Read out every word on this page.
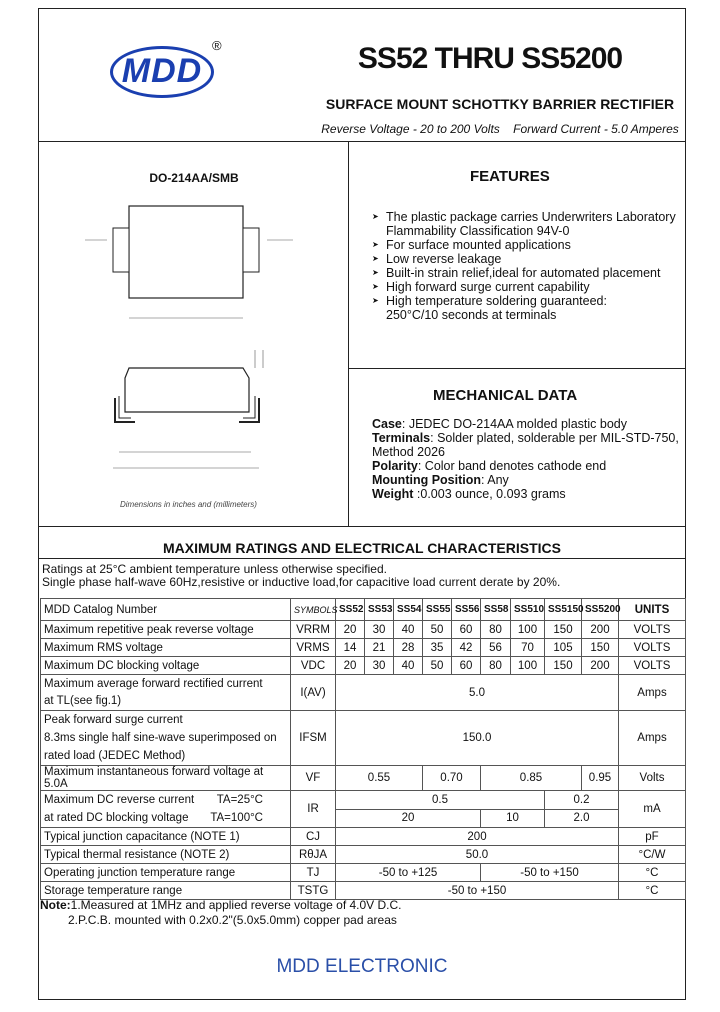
MDD
®	SS52 THRU SS5200
SURFACE MOUNT SCHOTTKY BARRIER RECTIFIER
Reverse Voltage - 20 to 200 Volts Forward Current - 5.0 Amperes
DO-214AA/SMB
Dimensions in inches and (millimeters)
FEATURES
➤ The plastic package carries Underwriters Laboratory
Flammability Classification 94V-0
➤ For surface mounted applications
➤ Low reverse leakage
➤ Built-in strain relief,ideal for automated placement
➤ High forward surge current capability
➤ High temperature soldering guaranteed:
250°C/10 seconds at terminals
MECHANICAL DATA
Case: JEDEC DO-214AA molded plastic body
Terminals: Solder plated, solderable per MIL-STD-750,
Method 2026
Polarity: Color band denotes cathode end
Mounting Position: Any
Weight :0.003 ounce, 0.093 grams
MAXIMUM RATINGS AND ELECTRICAL CHARACTERISTICS
Ratings at 25°C ambient temperature unless otherwise specified.
Single phase half-wave 60Hz,resistive or inductive load,for capacitive load current derate by 20%.
MDD Catalog Number	SYMBOLS	SS52	SS53	SS54	SS55	SS56	SS58	SS510	SS5150	SS5200	UNITS
Maximum repetitive peak reverse voltage	VRRM	20	30	40	50	60	80	100	150	200	VOLTS
Maximum RMS voltage	VRMS	14	21	28	35	42	56	70	105	150	VOLTS
Maximum DC blocking voltage	VDC	20	30	40	50	60	80	100	150	200	VOLTS

Maximum average forward rectified current
at TL(see fig.1)	I(AV)	5.0									Amps

Peak forward surge current
8.3ms single half sine-wave superimposed on
rated load (JEDEC Method)	IFSM	150.0									Amps
Maximum instantaneous forward voltage at 5.0A	VF	0.55			0.70		0.85			0.95	Volts

Maximum DC reverse current TA=25°C
at rated DC blocking voltage TA=100°C	IR	0.5							0.2		mA
		20					10		2.0		
Typical junction capacitance (NOTE 1)	CJ	200									pF
Typical thermal resistance (NOTE 2)	RθJA	50.0									°C/W
Operating junction temperature range	TJ	-50 to +125					-50 to +150				°C
Storage temperature range	TSTG	-50 to +150									°C
Note:1.Measured at 1MHz and applied reverse voltage of 4.0V D.C.
2.P.C.B. mounted with 0.2x0.2"(5.0x5.0mm) copper pad areas
MDD ELECTRONIC
